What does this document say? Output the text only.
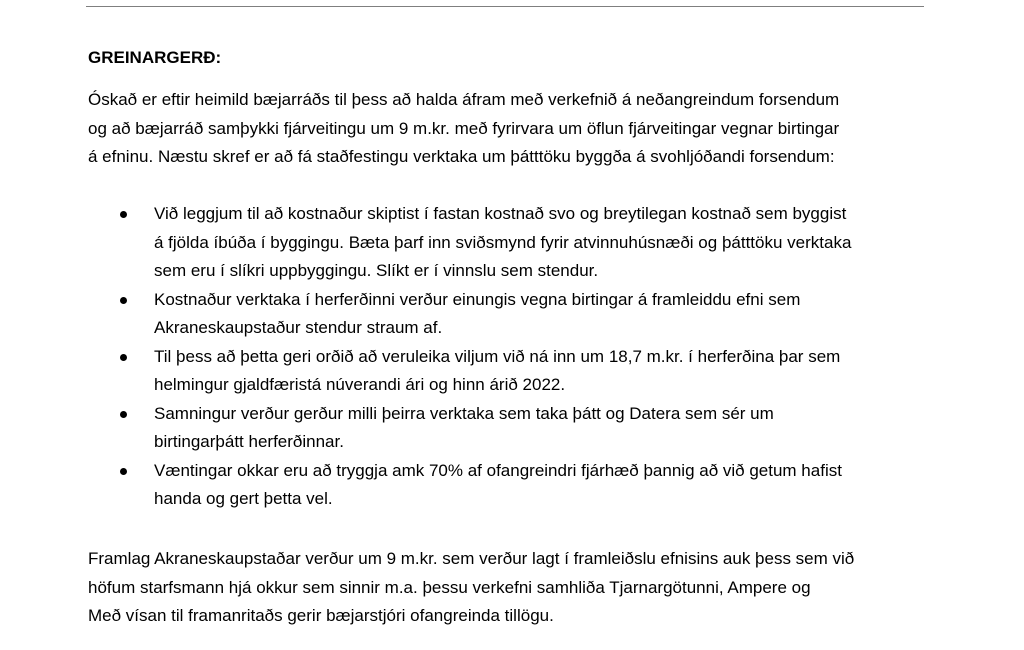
GREINARGERÐ:

Óskað er eftir heimild bæjarráðs til þess að halda áfram með verkefnið á neðangreindum forsendum
og að bæjarráð samþykki fjárveitingu um 9 m.kr. með fyrirvara um öflun fjárveitingar vegnar birtingar
á efninu. Næstu skref er að fá staðfestingu verktaka um þátttöku byggða á svohljóðandi forsendum:

Við leggjum til að kostnaður skiptist í fastan kostnað svo og breytilegan kostnað sem byggist
á fjölda íbúða í byggingu. Bæta þarf inn sviðsmynd fyrir atvinnuhúsnæði og þátttöku verktaka
sem eru í slíkri uppbyggingu. Slíkt er í vinnslu sem stendur.
Kostnaður verktaka í herferðinni verður einungis vegna birtingar á framleiddu efni sem
Akraneskaupstaður stendur straum af.
Til þess að þetta geri orðið að veruleika viljum við ná inn um 18,7 m.kr. í herferðina þar sem
helmingur gjaldfæristá núverandi ári og hinn árið 2022.
Samningur verður gerður milli þeirra verktaka sem taka þátt og Datera sem sér um
birtingarþátt herferðinnar.
Væntingar okkar eru að tryggja amk 70% af ofangreindri fjárhæð þannig að við getum hafist
handa og gert þetta vel.

Framlag Akraneskaupstaðar verður um 9 m.kr. sem verður lagt í framleiðslu efnisins auk þess sem við
höfum starfsmann hjá okkur sem sinnir m.a. þessu verkefni samhliða Tjarnargötunni, Ampere og
Með vísan til framanritaðs gerir bæjarstjóri ofangreinda tillögu.
